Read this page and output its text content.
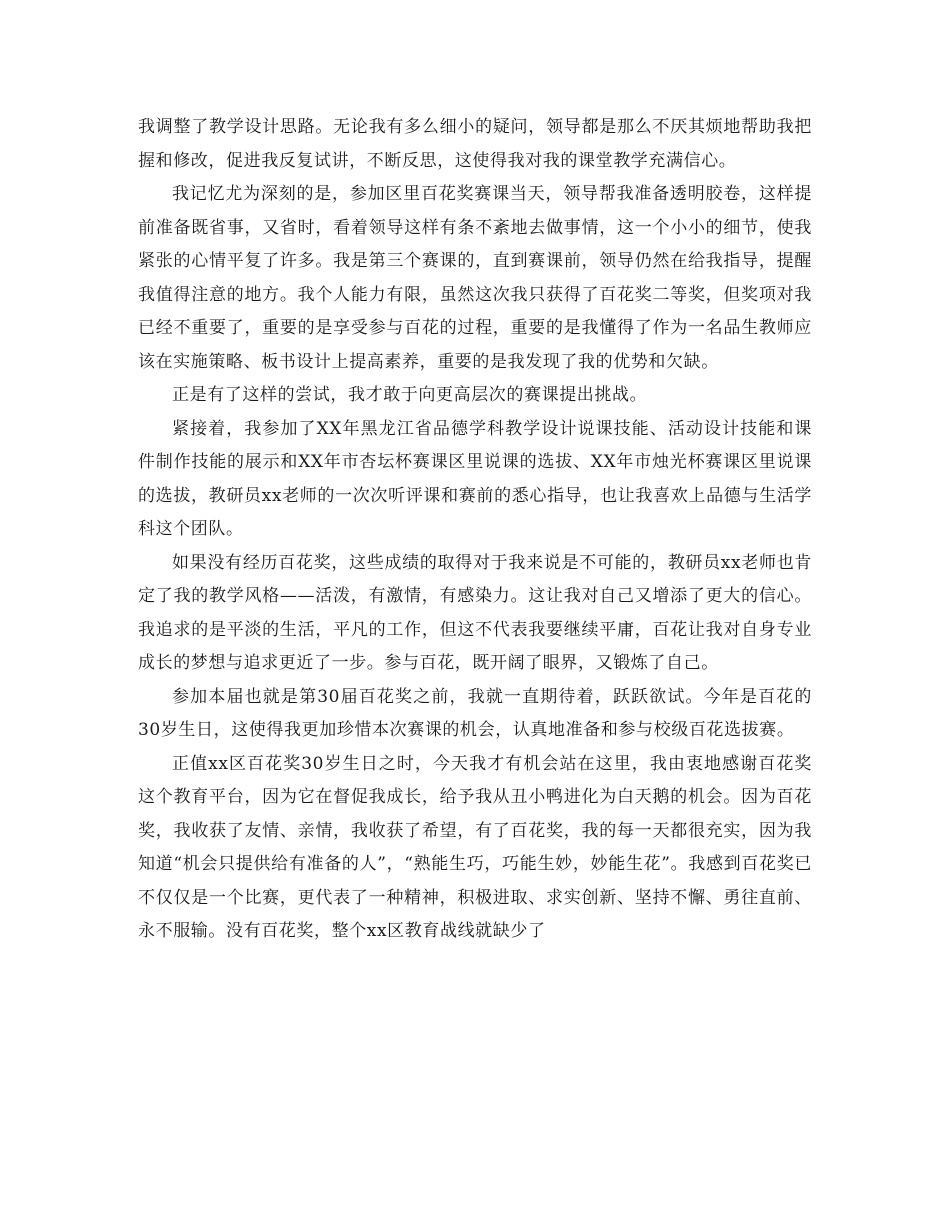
我调整了教学设计思路。无论我有多么细小的疑问，领导都是那么不厌其烦地帮助我把握和修改，促进我反复试讲，不断反思，这使得我对我的课堂教学充满信心。

我记忆尤为深刻的是，参加区里百花奖赛课当天，领导帮我准备透明胶卷，这样提前准备既省事，又省时，看着领导这样有条不紊地去做事情，这一个小小的细节，使我紧张的心情平复了许多。我是第三个赛课的，直到赛课前，领导仍然在给我指导，提醒我值得注意的地方。我个人能力有限，虽然这次我只获得了百花奖二等奖，但奖项对我已经不重要了，重要的是享受参与百花的过程，重要的是我懂得了作为一名品生教师应该在实施策略、板书设计上提高素养，重要的是我发现了我的优势和欠缺。

正是有了这样的尝试，我才敢于向更高层次的赛课提出挑战。

紧接着，我参加了XX年黑龙江省品德学科教学设计说课技能、活动设计技能和课件制作技能的展示和XX年市杏坛杯赛课区里说课的选拔、XX年市烛光杯赛课区里说课的选拔，教研员xx老师的一次次听评课和赛前的悉心指导，也让我喜欢上品德与生活学科这个团队。

如果没有经历百花奖，这些成绩的取得对于我来说是不可能的，教研员xx老师也肯定了我的教学风格——活泼，有激情，有感染力。这让我对自己又增添了更大的信心。我追求的是平淡的生活，平凡的工作，但这不代表我要继续平庸，百花让我对自身专业成长的梦想与追求更近了一步。参与百花，既开阔了眼界，又锻炼了自己。

参加本届也就是第30届百花奖之前，我就一直期待着，跃跃欲试。今年是百花的30岁生日，这使得我更加珍惜本次赛课的机会，认真地准备和参与校级百花选拔赛。

正值xx区百花奖30岁生日之时，今天我才有机会站在这里，我由衷地感谢百花奖这个教育平台，因为它在督促我成长，给予我从丑小鸭进化为白天鹅的机会。因为百花奖，我收获了友情、亲情，我收获了希望，有了百花奖，我的每一天都很充实，因为我知道“机会只提供给有准备的人”，“熟能生巧，巧能生妙，妙能生花”。我感到百花奖已不仅仅是一个比赛，更代表了一种精神，积极进取、求实创新、坚持不懈、勇往直前、永不服输。没有百花奖，整个xx区教育战线就缺少了
